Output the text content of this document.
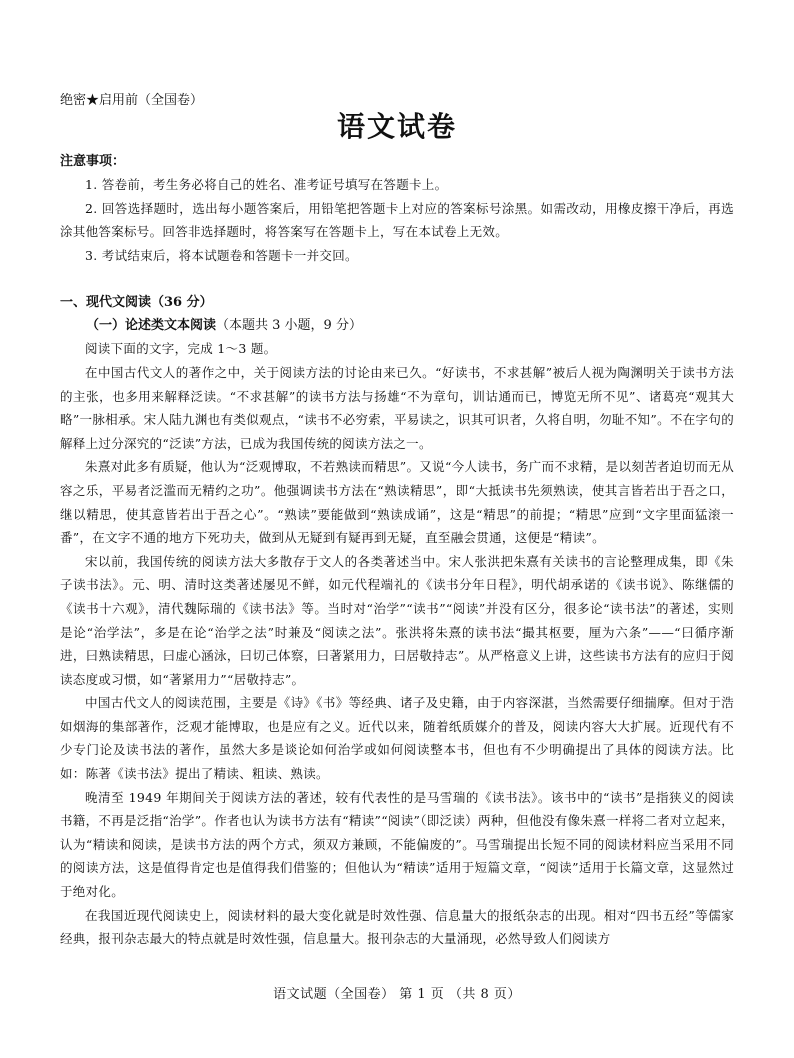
绝密★启用前（全国卷）

语文试卷

注意事项：

1. 答卷前，考生务必将自己的姓名、准考证号填写在答题卡上。

2. 回答选择题时，选出每小题答案后，用铅笔把答题卡上对应的答案标号涂黑。如需改动，用橡皮擦干净后，再选涂其他答案标号。回答非选择题时，将答案写在答题卡上，写在本试卷上无效。

3. 考试结束后，将本试题卷和答题卡一并交回。

一、现代文阅读（36 分）

（一）论述类文本阅读（本题共 3 小题，9 分）

阅读下面的文字，完成 1～3 题。

在中国古代文人的著作之中，关于阅读方法的讨论由来已久。“好读书，不求甚解”被后人视为陶渊明关于读书方法的主张，也多用来解释泛读。“不求甚解”的读书方法与扬雄“不为章句，训诂通而已，博览无所不见”、诸葛亮“观其大略”一脉相承。宋人陆九渊也有类似观点，“读书不必穷索，平易读之，识其可识者，久将自明，勿耻不知”。不在字句的解释上过分深究的“泛读”方法，已成为我国传统的阅读方法之一。

朱熹对此多有质疑，他认为“泛观博取，不若熟读而精思”。又说“今人读书，务广而不求精，是以刻苦者迫切而无从容之乐，平易者泛滥而无精约之功”。他强调读书方法在“熟读精思”，即“大抵读书先须熟读，使其言皆若出于吾之口，继以精思，使其意皆若出于吾之心”。“熟读”要能做到“熟读成诵”，这是“精思”的前提；“精思”应到“文字里面猛滚一番”，在文字不通的地方下死功夫，做到从无疑到有疑再到无疑，直至融会贯通，这便是“精读”。

宋以前，我国传统的阅读方法大多散存于文人的各类著述当中。宋人张洪把朱熹有关读书的言论整理成集，即《朱子读书法》。元、明、清时这类著述屡见不鲜，如元代程端礼的《读书分年日程》，明代胡承诺的《读书说》、陈继儒的《读书十六观》，清代魏际瑞的《读书法》等。当时对“治学”“读书”“阅读”并没有区分，很多论“读书法”的著述，实则是论“治学法”，多是在论“治学之法”时兼及“阅读之法”。张洪将朱熹的读书法“撮其枢要，厘为六条”——“曰循序渐进，曰熟读精思，曰虚心涵泳，曰切己体察，曰著紧用力，曰居敬持志”。从严格意义上讲，这些读书方法有的应归于阅读态度或习惯，如“著紧用力”“居敬持志”。

中国古代文人的阅读范围，主要是《诗》《书》等经典、诸子及史籍，由于内容深湛，当然需要仔细揣摩。但对于浩如烟海的集部著作，泛观才能博取，也是应有之义。近代以来，随着纸质媒介的普及，阅读内容大大扩展。近现代有不少专门论及读书法的著作，虽然大多是谈论如何治学或如何阅读整本书，但也有不少明确提出了具体的阅读方法。比如：陈著《读书法》提出了精读、粗读、熟读。

晚清至 1949 年期间关于阅读方法的著述，较有代表性的是马雪瑞的《读书法》。该书中的“读书”是指狭义的阅读书籍，不再是泛指“治学”。作者也认为读书方法有“精读”“阅读”（即泛读）两种，但他没有像朱熹一样将二者对立起来，认为“精读和阅读，是读书方法的两个方式，须双方兼顾，不能偏废的”。马雪瑞提出长短不同的阅读材料应当采用不同的阅读方法，这是值得肯定也是值得我们借鉴的；但他认为“精读”适用于短篇文章，“阅读”适用于长篇文章，这显然过于绝对化。

在我国近现代阅读史上，阅读材料的最大变化就是时效性强、信息量大的报纸杂志的出现。相对“四书五经”等儒家经典，报刊杂志最大的特点就是时效性强，信息量大。报刊杂志的大量涌现，必然导致人们阅读方

语文试题（全国卷） 第 1 页 （共 8 页）
